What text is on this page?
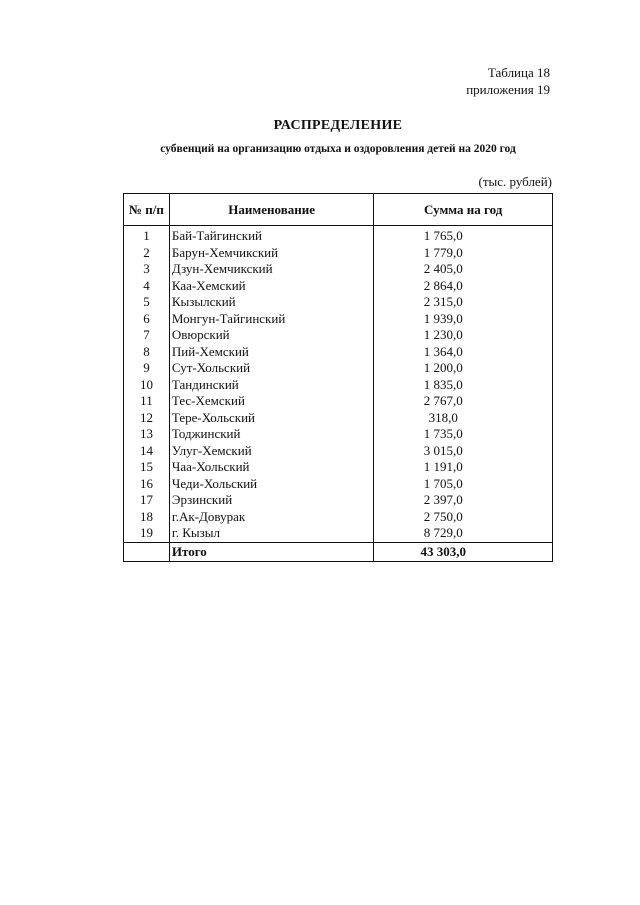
Таблица 18
приложения 19
РАСПРЕДЕЛЕНИЕ
субвенций на организацию отдыха и оздоровления детей на 2020 год
(тыс. рублей)
№ п/п	Наименование	Сумма на год
1	Бай-Тайгинский	1 765,0
2	Барун-Хемчикский	1 779,0
3	Дзун-Хемчикский	2 405,0
4	Каа-Хемский	2 864,0
5	Кызылский	2 315,0
6	Монгун-Тайгинский	1 939,0
7	Овюрский	1 230,0
8	Пий-Хемский	1 364,0
9	Сут-Хольский	1 200,0
10	Тандинский	1 835,0
11	Тес-Хемский	2 767,0
12	Тере-Хольский	318,0
13	Тоджинский	1 735,0
14	Улуг-Хемский	3 015,0
15	Чаа-Хольский	1 191,0
16	Чеди-Хольский	1 705,0
17	Эрзинский	2 397,0
18	г.Ак-Довурак	2 750,0
19	г. Кызыл	8 729,0
	Итого	43 303,0
